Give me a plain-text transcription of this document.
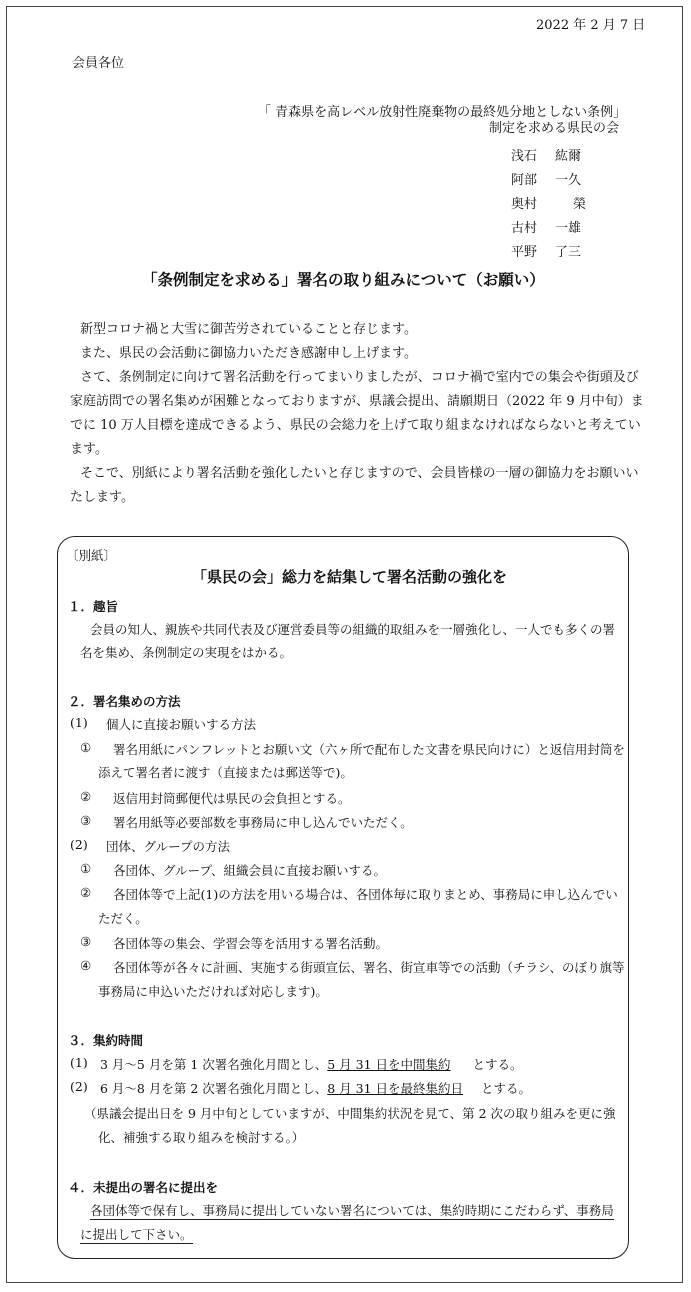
2022 年 2 月 7 日
会員各位
「 青森県を高レベル放射性廃棄物の最終処分地としない条例」
制定を求める県民の会
浅石 紘爾
阿部 一久
奥村	榮
古村 一雄
平野 了三
「条例制定を求める」署名の取り組みについて（お願い）
新型コロナ禍と大雪に御苦労されていることと存じます。
また、県民の会活動に御協力いただき感謝申し上げます。
さて、条例制定に向けて署名活動を行ってまいりましたが、コロナ禍で室内での集会や街頭及び
家庭訪問での署名集めが困難となっておりますが、県議会提出、請願期日（2022 年 9 月中旬）ま
でに 10 万人目標を達成できるよう、県民の会総力を上げて取り組まなければならないと考えてい
ます。
そこで、別紙により署名活動を強化したいと存じますので、会員皆様の一層の御協力をお願いい
たします。
〔別紙〕
「県民の会」総力を結集して署名活動の強化を
１．趣旨
会員の知人、親族や共同代表及び運営委員等の組織的取組みを一層強化し、一人でも多くの署
名を集め、条例制定の実現をはかる。
２．署名集めの方法
(1) 個人に直接お願いする方法
① 署名用紙にパンフレットとお願い文（六ヶ所で配布した文書を県民向けに）と返信用封筒を
添えて署名者に渡す（直接または郵送等で)。
② 返信用封筒郵便代は県民の会負担とする。
③ 署名用紙等必要部数を事務局に申し込んでいただく。
(2) 団体、グループの方法
① 各団体、グループ、組織会員に直接お願いする。
② 各団体等で上記(1)の方法を用いる場合は、各団体毎に取りまとめ、事務局に申し込んでい
ただく。
③ 各団体等の集会、学習会等を活用する署名活動。
④ 各団体等が各々に計画、実施する街頭宣伝、署名、街宣車等での活動（チラシ、のぼり旗等
事務局に申込いただければ対応します)。
３．集約時間
(1) 3 月～5 月を第 1 次署名強化月間とし、5 月 31 日を中間集約 とする。
(2) 6 月～8 月を第 2 次署名強化月間とし、8 月 31 日を最終集約日 とする。
（県議会提出日を 9 月中旬としていますが、中間集約状況を見て、第 2 次の取り組みを更に強
化、補強する取り組みを検討する。）
４．未提出の署名に提出を
各団体等で保有し、事務局に提出していない署名については、集約時期にこだわらず、事務局
に提出して下さい。
